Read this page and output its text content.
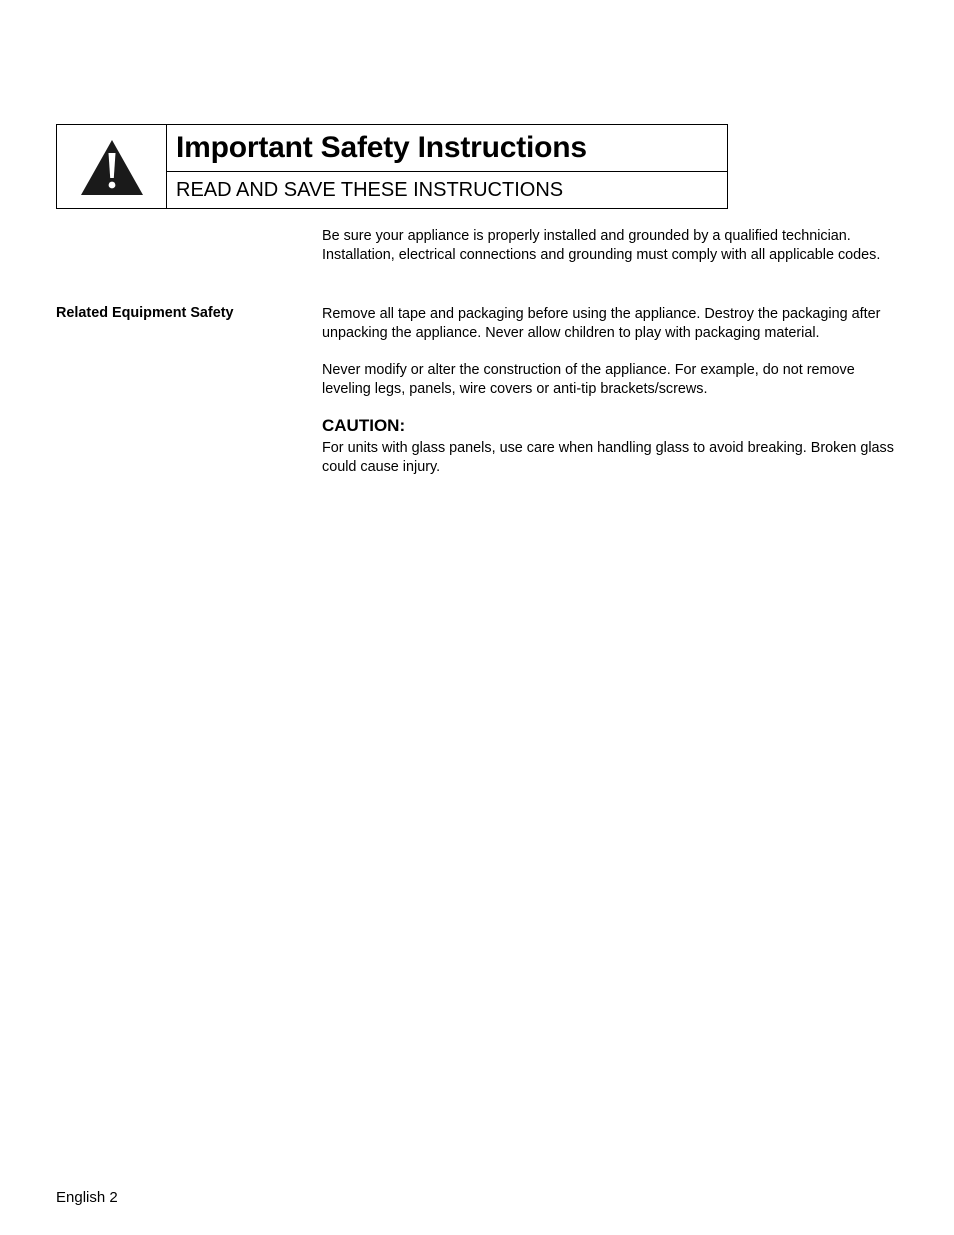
Important Safety Instructions
READ AND SAVE THESE INSTRUCTIONS

Be sure your appliance is properly installed and grounded by a qualified technician. Installation, electrical connections and grounding must comply with all applicable codes.

Related Equipment Safety	Remove all tape and packaging before using the appliance. Destroy the packaging after unpacking the appliance. Never allow children to play with packaging material.

Never modify or alter the construction of the appliance. For example, do not remove leveling legs, panels, wire covers or anti-tip brackets/screws.

CAUTION:

For units with glass panels, use care when handling glass to avoid breaking. Broken glass could cause injury.

English 2
